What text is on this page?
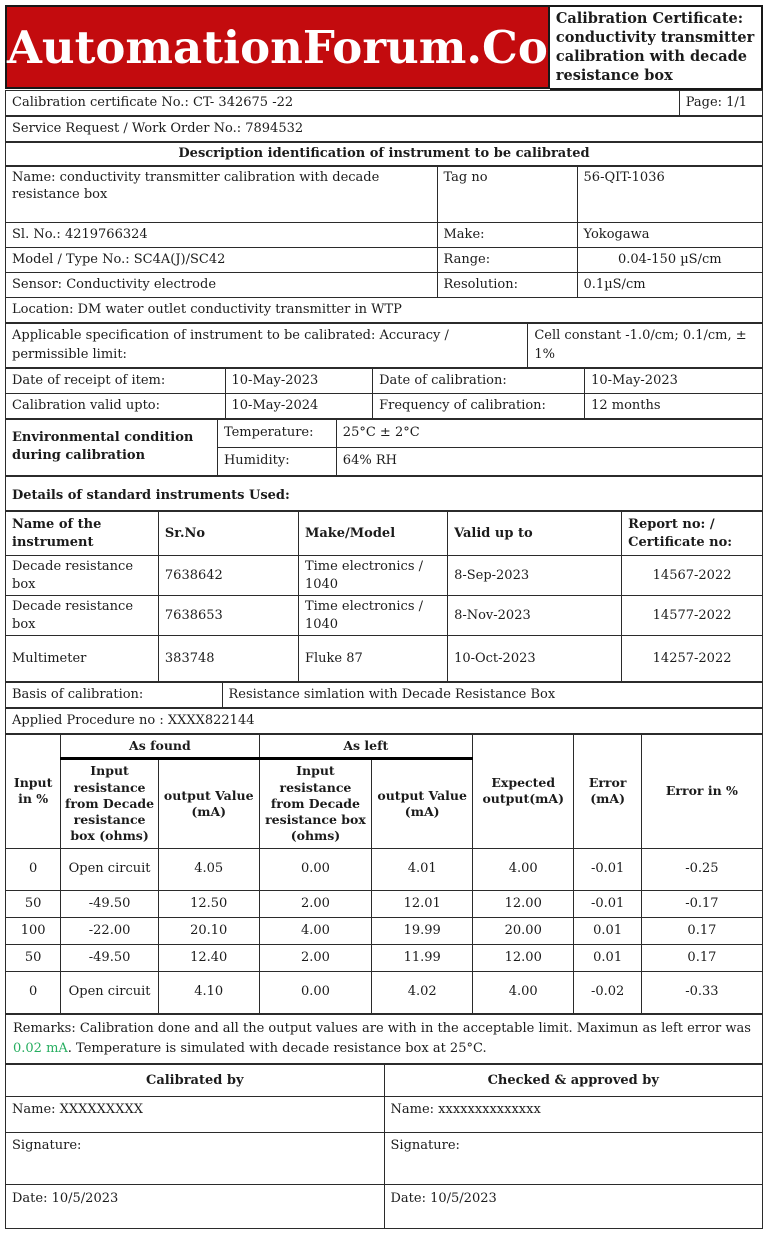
AutomationForum.Co
Calibration Certificate:
conductivity transmitter calibration with decade resistance box
Calibration certificate No.: CT- 342675 -22	Page: 1/1
Service Request / Work Order No.: 7894532
Description identification of instrument to be calibrated
Name: conductivity transmitter calibration with decade resistance box	Tag no	56-QIT-1036
Sl. No.: 4219766324	Make:	Yokogawa
Model / Type No.: SC4A(J)/SC42	Range:	0.04-150 µS/cm
Sensor: Conductivity electrode	Resolution:	0.1µS/cm
Location: DM water outlet conductivity transmitter in WTP		
Applicable specification of instrument to be calibrated: Accuracy / permissible limit:	Cell constant -1.0/cm; 0.1/cm, ± 1%
Date of receipt of item:	10-May-2023	Date of calibration:	10-May-2023
Calibration valid upto:	10-May-2024	Frequency of calibration:	12 months
Environmental condition during calibration	Temperature:	25°C ± 2°C
	Humidity:	64% RH
Details of standard instruments Used:
Name of the instrument	Sr.No	Make/Model	Valid up to	Report no: / Certificate no:
Decade resistance box	7638642	Time electronics / 1040	8-Sep-2023	14567-2022
Decade resistance box	7638653	Time electronics / 1040	8-Nov-2023	14577-2022
Multimeter	383748	Fluke 87	10-Oct-2023	14257-2022
Basis of calibration:	Resistance simlation with Decade Resistance Box
Applied Procedure no : XXXX822144
Input in %	As found		As left		Expected output(mA)	Error (mA)	Error in %
	Input resistance from Decade resistance box (ohms)	output Value (mA)	Input resistance from Decade resistance box (ohms)	output Value (mA)			
0	Open circuit	4.05	0.00	4.01	4.00	-0.01	-0.25
50	-49.50	12.50	2.00	12.01	12.00	-0.01	-0.17
100	-22.00	20.10	4.00	19.99	20.00	0.01	0.17
50	-49.50	12.40	2.00	11.99	12.00	0.01	0.17
0	Open circuit	4.10	0.00	4.02	4.00	-0.02	-0.33
Remarks: Calibration done and all the output values are with in the acceptable limit. Maximun as left error was 0.02 mA. Temperature is simulated with decade resistance box at 25°C.
Calibrated by	Checked & approved by
Name: XXXXXXXXX	Name: xxxxxxxxxxxxxx
Signature:	Signature:
Date: 10/5/2023	Date: 10/5/2023
